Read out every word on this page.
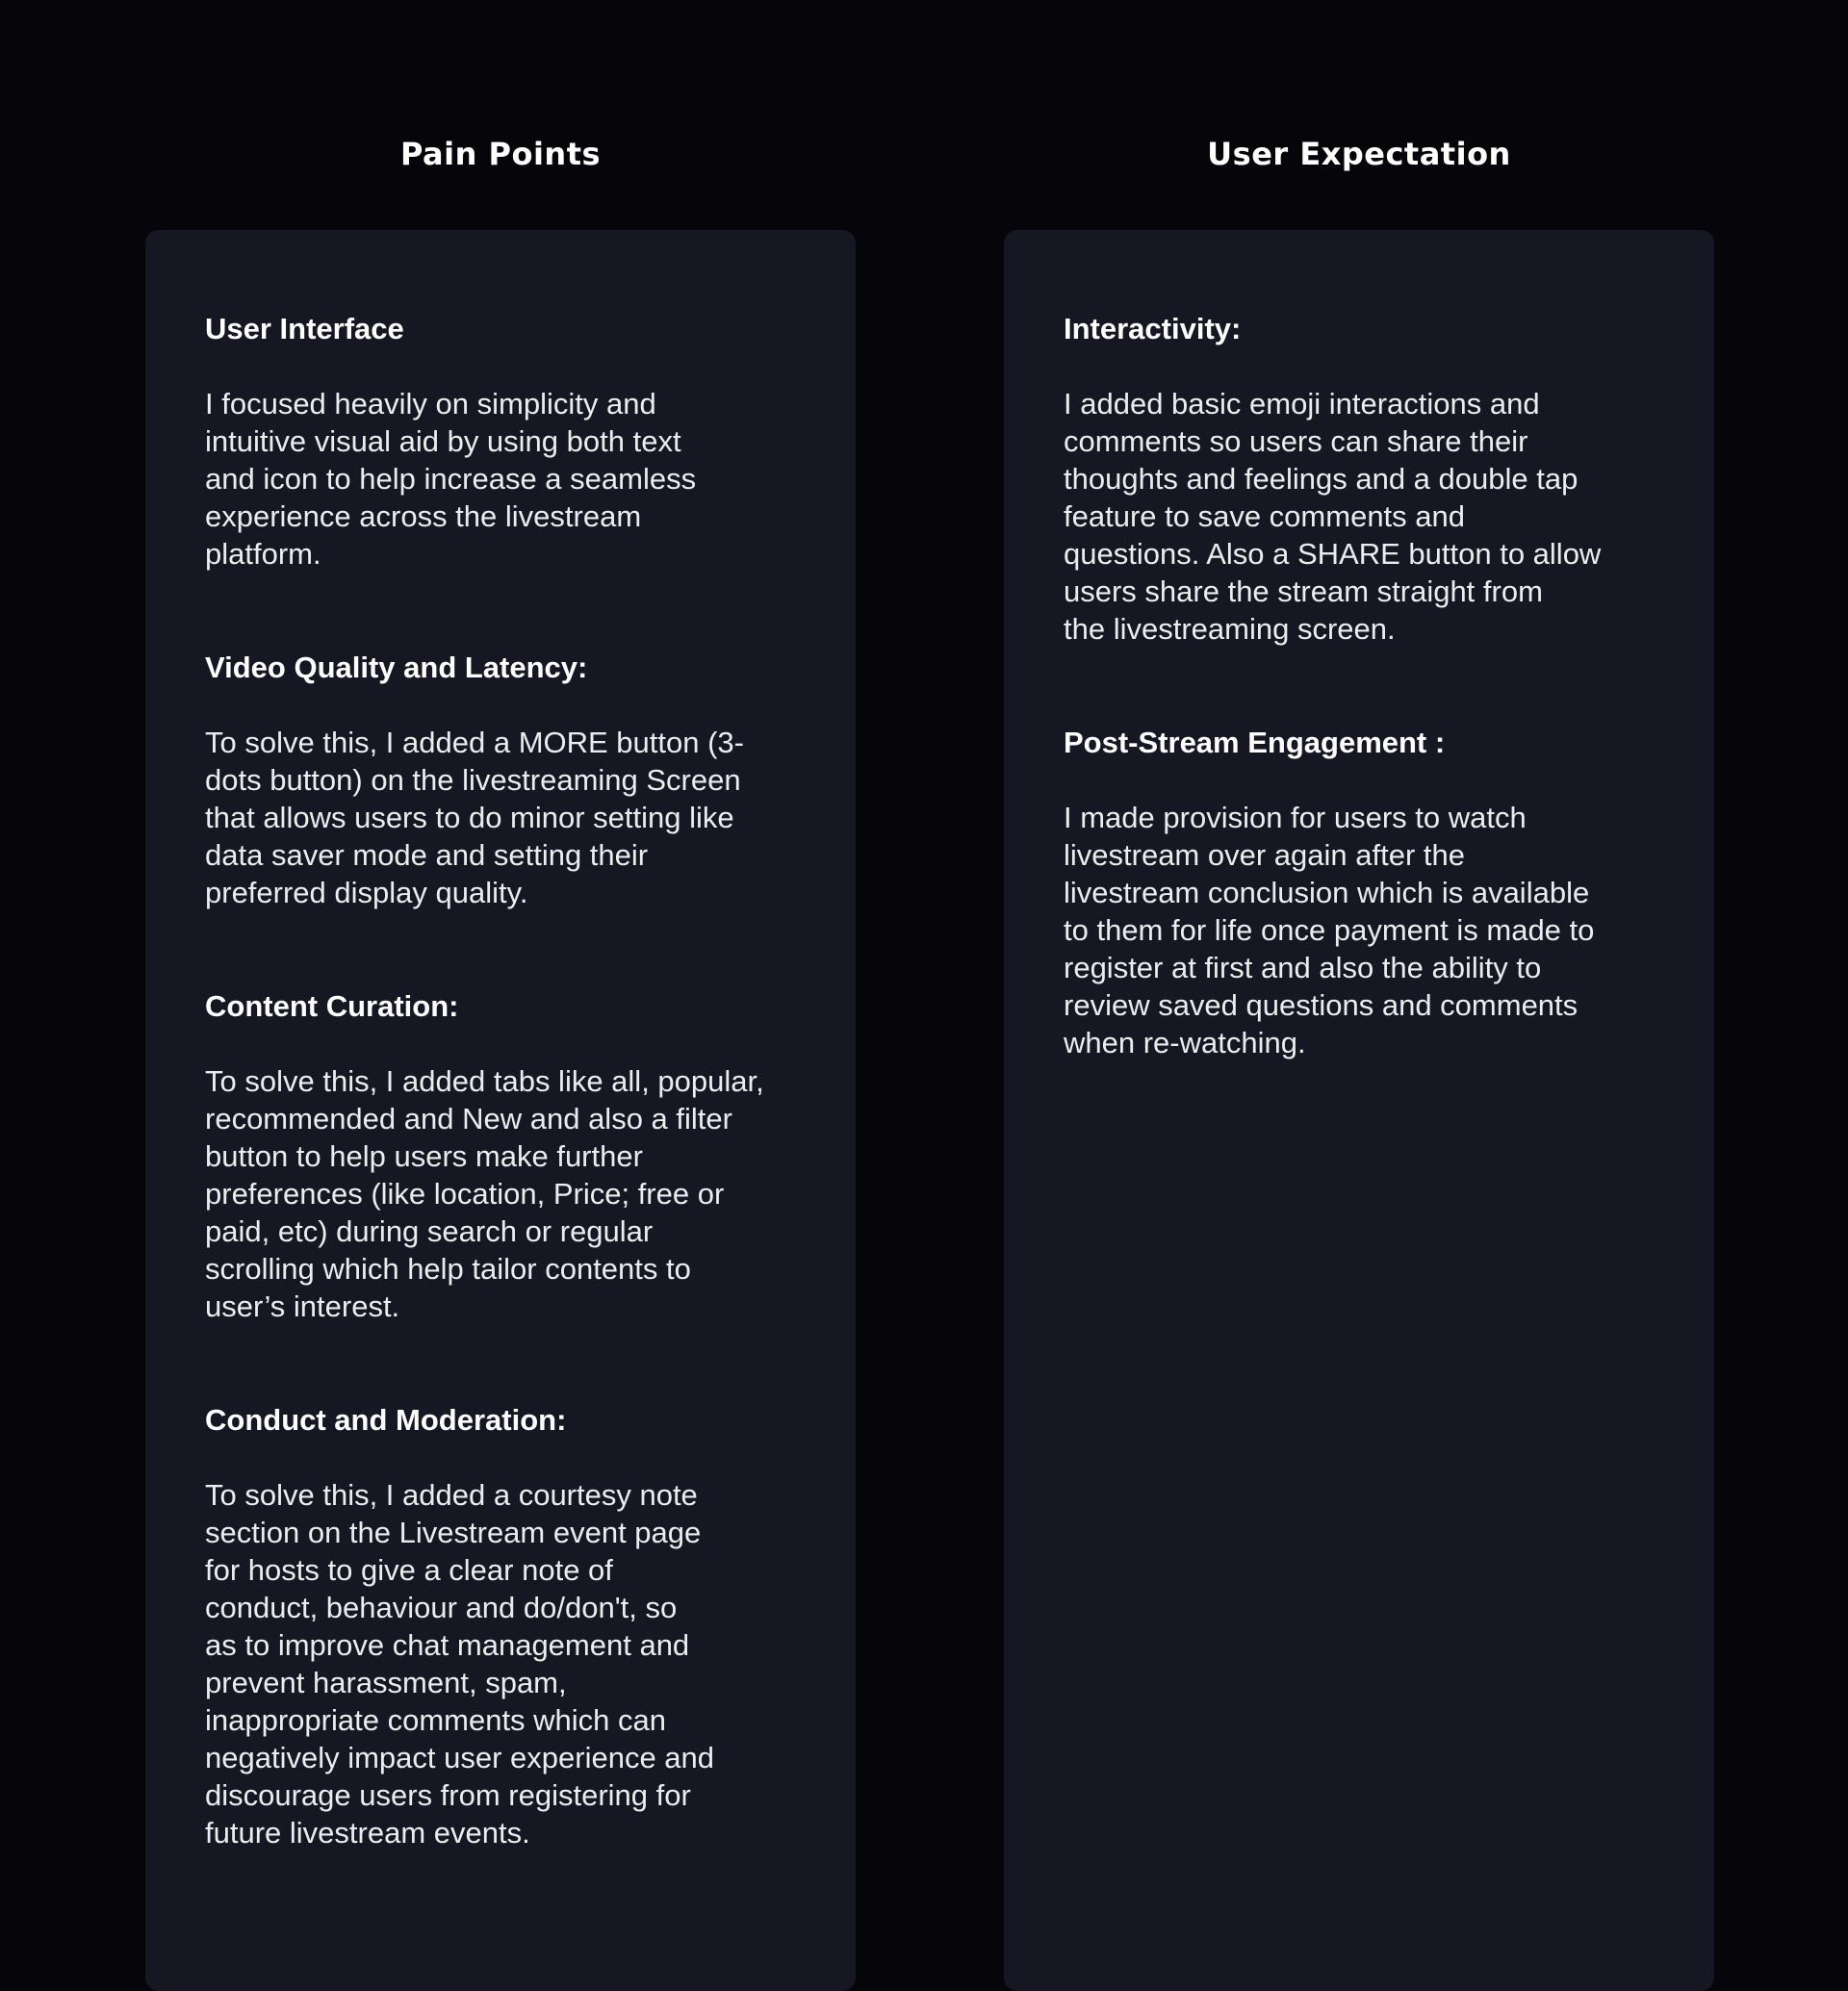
Pain Points
User Interface

I focused heavily on simplicity and
intuitive visual aid by using both text
and icon to help increase a seamless
experience across the livestream
platform.

Video Quality and Latency:

To solve this, I added a MORE button (3-
dots button) on the livestreaming Screen
that allows users to do minor setting like
data saver mode and setting their
preferred display quality.

Content Curation:

To solve this, I added tabs like all, popular,
recommended and New and also a filter
button to help users make further
preferences (like location, Price; free or
paid, etc) during search or regular
scrolling which help tailor contents to
user’s interest.

Conduct and Moderation:

To solve this, I added a courtesy note
section on the Livestream event page
for hosts to give a clear note of
conduct, behaviour and do/don't, so
as to improve chat management and
prevent harassment, spam,
inappropriate comments which can
negatively impact user experience and
discourage users from registering for
future livestream events.

User Expectation
Interactivity:

I added basic emoji interactions and
comments so users can share their
thoughts and feelings and a double tap
feature to save comments and
questions. Also a SHARE button to allow
users share the stream straight from
the livestreaming screen.

Post-Stream Engagement :

I made provision for users to watch
livestream over again after the
livestream conclusion which is available
to them for life once payment is made to
register at first and also the ability to
review saved questions and comments
when re-watching.
